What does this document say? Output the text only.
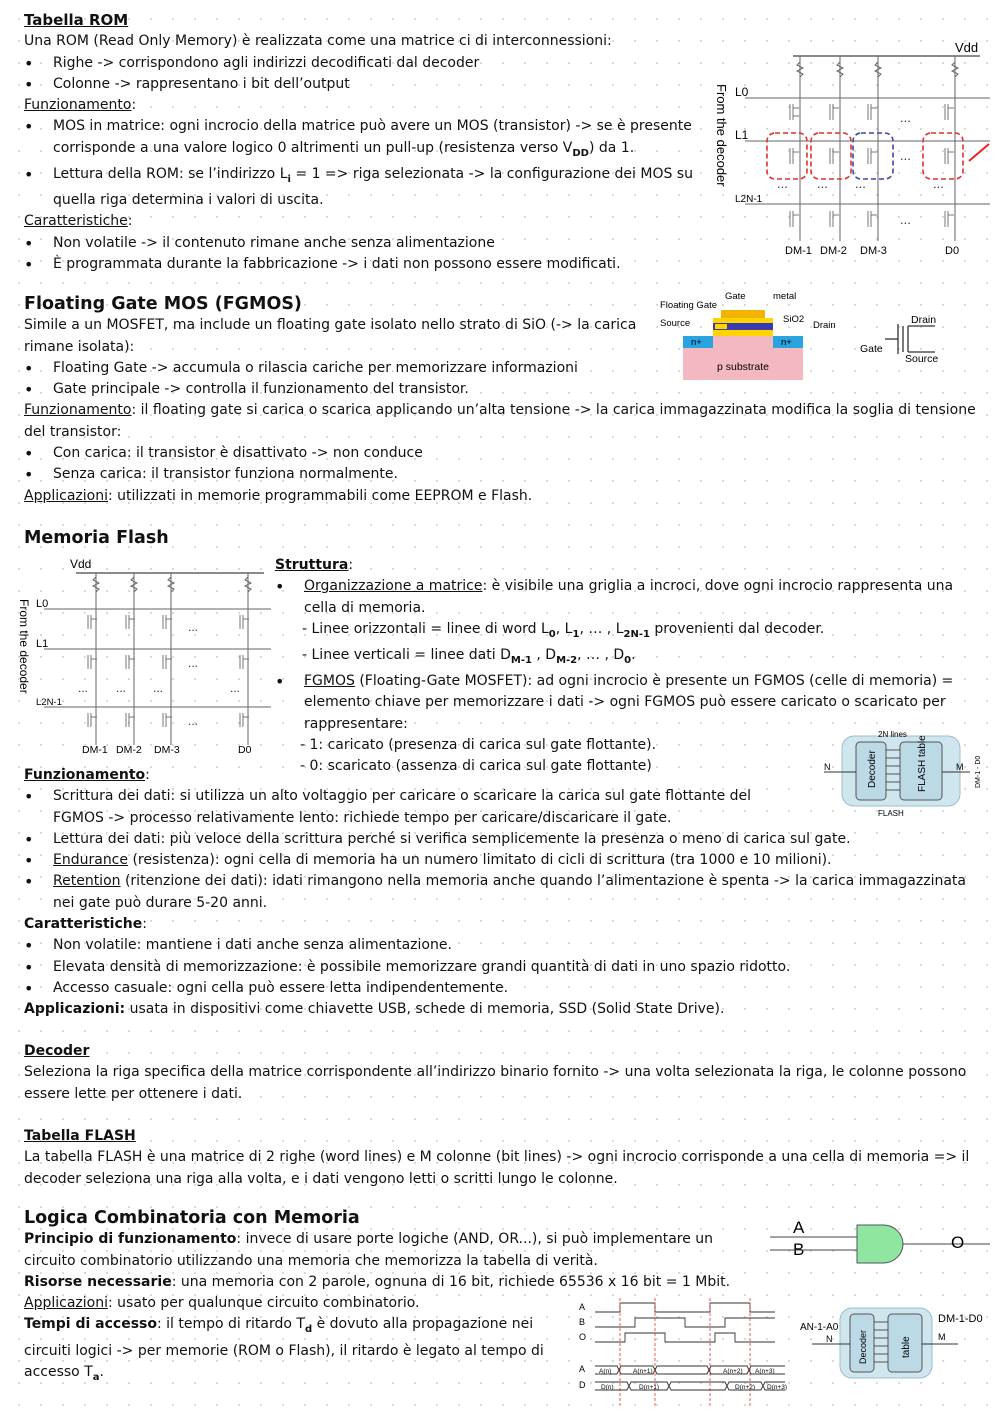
Tabella ROM

Una ROM (Read Only Memory) è realizzata come una matrice ci di interconnessioni:

• Righe -> corrispondono agli indirizzi decodificati dal decoder
• Colonne -> rappresentano i bit dell’output
Funzionamento:
• MOS in matrice: ogni incrocio della matrice può avere un MOS (transistor) -> se è presente corrisponde a una valore logico 0 altrimenti un pull-up (resistenza verso $V_{DD}$) da 1.
• Lettura della ROM: se l’indirizzo $L_i = 1$ => riga selezionata -> la configurazione dei MOS su quella riga determina i valori di uscita.
Caratteristiche:
• Non volatile -> il contenuto rimane anche senza alimentazione
• È programmata durante la fabbricazione -> i dati non possono essere modificati.
Vdd
...
...
...
... ... ...	...
From the decoder L0
L1
L2N-1
DM-1 DM-2 DM-3	D0
Floating Gate MOS (FGMOS)

Simile a un MOSFET, ma include un floating gate isolato nello strato di SiO (-> la carica rimane isolata):

• Floating Gate -> accumula o rilascia cariche per memorizzare informazioni
• Gate principale -> controlla il funzionamento del transistor.

Funzionamento: il floating gate si carica o scarica applicando un’alta tensione -> la carica immagazzinata modifica la soglia di tensione del transistor:

• Con carica: il transistor è disattivato -> non conduce
• Senza carica: il transistor funziona normalmente.

Applicazioni: utilizzati in memorie programmabili come EEPROM e Flash.

Floating Gate
Gate	metal
SiO2
Source	Drain
n+	n+
p substrate
Drain
Gate
Source
Memoria Flash
Vdd
...
...
...
... ... ...	...
From the decoder L0
L1
L2N-1
DM-1 DM-2 DM-3	D0
Struttura:
• Organizzazione a matrice: è visibile una griglia a incroci, dove ogni incrocio rappresenta una cella di memoria.
- Linee orizzontali = linee di word $L_0$, $L_1$, … , $L_{2N-1}$ provenienti dal decoder.
- Linee verticali = linee dati $D_{M-1}$ , $D_{M-2}$, … , $D_0$.
• FGMOS (Floating-Gate MOSFET): ad ogni incrocio è presente un FGMOS (celle di memoria) = elemento chiave per memorizzare i dati -> ogni FGMOS può essere caricato o scaricato per rappresentare:
- 1: caricato (presenza di carica sul gate flottante).
- 0: scaricato (assenza di carica sul gate flottante)
2N lines
N	Decoder	FLASH table	M DM-1 - D0
FLASH
Funzionamento:
• Scrittura dei dati: si utilizza un alto voltaggio per caricare o scaricare la carica sul gate flottante del FGMOS -> processo relativamente lento: richiede tempo per caricare/discaricare il gate.
• Lettura dei dati: più veloce della scrittura perché si verifica semplicemente la presenza o meno di carica sul gate.
• Endurance (resistenza): ogni cella di memoria ha un numero limitato di cicli di scrittura (tra 1000 e 10 milioni).
• Retention (ritenzione dei dati): idati rimangono nella memoria anche quando l’alimentazione è spenta -> la carica immagazzinata nei gate può durare 5-20 anni.
Caratteristiche:
• Non volatile: mantiene i dati anche senza alimentazione.
• Elevata densità di memorizzazione: è possibile memorizzare grandi quantità di dati in uno spazio ridotto.
• Accesso casuale: ogni cella può essere letta indipendentemente.

Applicazioni: usata in dispositivi come chiavette USB, schede di memoria, SSD (Solid State Drive).

Decoder

Seleziona la riga specifica della matrice corrispondente all’indirizzo binario fornito -> una volta selezionata la riga, le colonne possono essere lette per ottenere i dati.

Tabella FLASH

La tabella FLASH è una matrice di 2 righe (word lines) e M colonne (bit lines) -> ogni incrocio corrisponde a una cella di memoria => il decoder seleziona una riga alla volta, e i dati vengono letti o scritti lungo le colonne.

Logica Combinatoria con Memoria

Principio di funzionamento: invece di usare porte logiche (AND, OR...), si può implementare un circuito combinatorio utilizzando una memoria che memorizza la tabella di verità.

Risorse necessarie: una memoria con 2 parole, ognuna di 16 bit, richiede 65536 x 16 bit = 1 Mbit.

Applicazioni: usato per qualunque circuito combinatorio.

Tempi di accesso: il tempo di ritardo $T_d$ è dovuto alla propagazione nei circuiti logici -> per memorie (ROM o Flash), il ritardo è legato al tempo di accesso $T_a$.

A
B	O
A
B
O
A
D
A(n)	A(n+1)	A(n+2) A(n+3)
D(n)	D(n+1)	D(n+2) D(n+3)
AN-1-A0
N	Decoder	table	M
DM-1-D0
